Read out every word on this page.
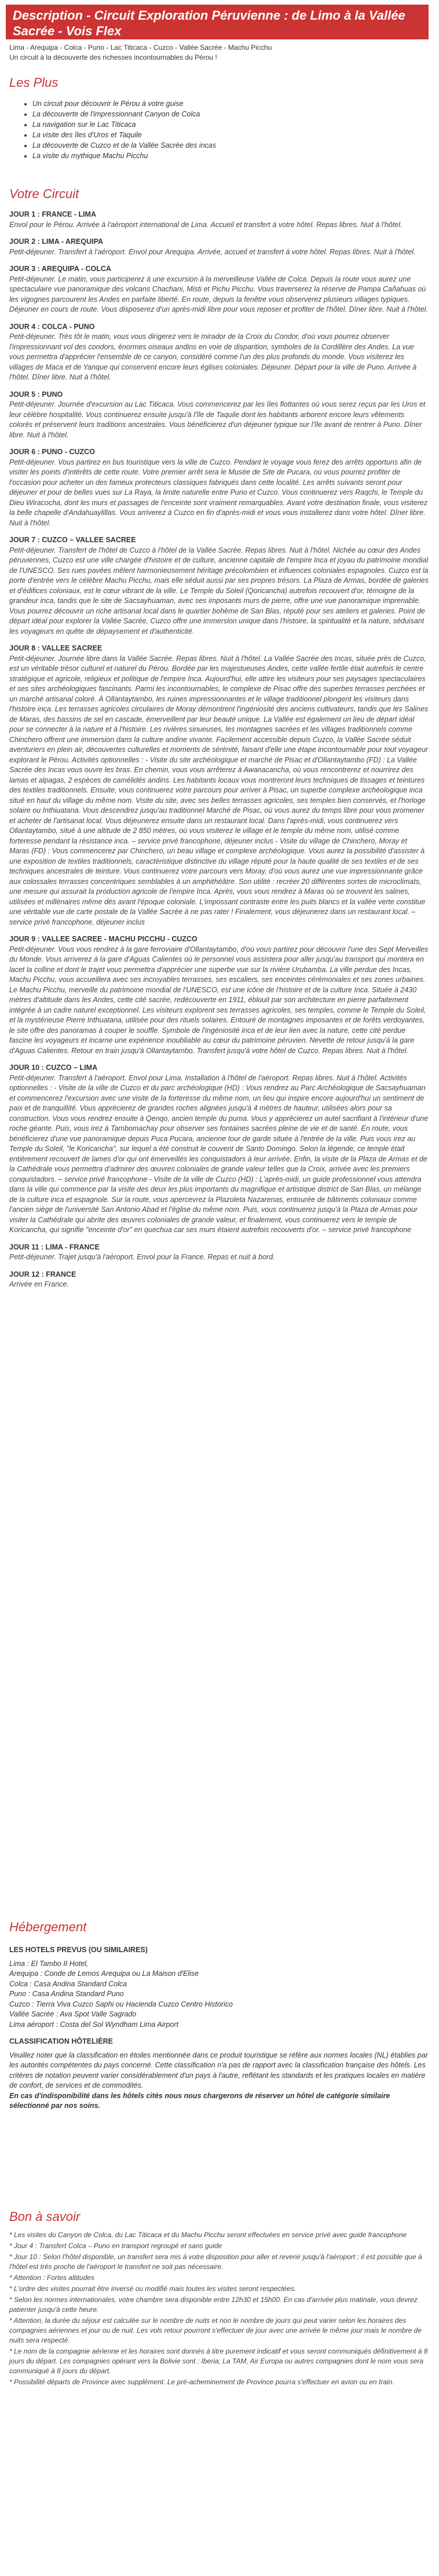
Description - Circuit Exploration Péruvienne : de Limo à la Vallée Sacrée - Vois Flex
Lima - Arequipa - Colca - Puno - Lac Titicaca - Cuzco - Vallée Sacrée - Machu Picchu
Un circuit à la découverte des richesses incontournables du Pérou !
Les Plus
• Un circuit pour découvrir le Pérou à votre guise
• La découverte de l'impressionnant Canyon de Colca
• La navigation sur le Lac Titicaca
• La visite des îles d'Uros et Taquile
• La découverte de Cuzco et de la Vallée Sacrée des incas
• La visite du mythique Machu Picchu
Votre Circuit
JOUR 1 : FRANCE - LIMA

Envol pour le Pérou. Arrivée à l'aéroport international de Lima. Accueil et transfert à votre hôtel. Repas libres. Nuit à l'hôtel.

JOUR 2 : LIMA - AREQUIPA

Petit-déjeuner. Transfert à l'aéroport. Envol pour Arequipa. Arrivée, accueil et transfert à votre hôtel. Repas libres. Nuit à l'hôtel.

JOUR 3 : AREQUIPA - COLCA

Petit-déjeuner. Le matin, vous participerez à une excursion à la merveilleuse Vallée de Colca. Depuis la route vous aurez une spectaculaire vue panoramique des volcans Chachani, Misti et Pichu Picchu. Vous traverserez la réserve de Pampa Cañahuas où les vigognes parcourent les Andes en parfaite liberté. En route, depuis la fenêtre vous observerez plusieurs villages typiques. Déjeuner en cours de route. Vous disposerez d'un après-midi libre pour vous reposer et profiter de l'hôtel. Dîner libre. Nuit à l'hôtel.

JOUR 4 : COLCA - PUNO

Petit-déjeuner. Très tôt le matin, vous vous dirigerez vers le mirador de la Croix du Condor, d'où vous pourrez observer l'impressionnant vol des condors, énormes oiseaux andins en voie de disparition, symboles de la Cordillère des Andes. La vue vous permettra d'apprécier l'ensemble de ce canyon, considéré comme l'un des plus profonds du monde. Vous visiterez les villages de Maca et de Yanque qui conservent encore leurs églises coloniales. Déjeuner. Départ pour la ville de Puno. Arrivée à l'hôtel. Dîner libre. Nuit à l'hôtel.

JOUR 5 : PUNO

Petit-déjeuner. Journée d'excursion au Lac Titicaca. Vous commencerez par les îles flottantes où vous serez reçus par les Uros et leur célèbre hospitalité. Vous continuerez ensuite jusqu'à l'île de Taquile dont les habitants arborent encore leurs vêtements colorés et préservent leurs traditions ancestrales. Vous bénéficierez d'un déjeuner typique sur l'île avant de rentrer à Puno. Dîner libre. Nuit à l'hôtel.

JOUR 6 : PUNO - CUZCO

Petit-déjeuner. Vous partirez en bus touristique vers la ville de Cuzco. Pendant le voyage vous ferez des arrêts opportuns afin de visiter les points d'intérêts de cette route. Votre premier arrêt sera le Musée de Site de Pucara, où vous pourrez profiter de l'occasion pour acheter un des fameux protecteurs classiques fabriqués dans cette localité. Les arrêts suivants seront pour déjeuner et pour de belles vues sur La Raya, la limite naturelle entre Puno et Cuzco. Vous continuerez vers Raqchi, le Temple du Dieu Wiracocha, dont les murs et passages de l'enceinte sont vraiment remarquables. Avant votre destination finale, vous visiterez la belle chapelle d'Andahuaylillas. Vous arriverez à Cuzco en fin d'après-midi et vous vous installerez dans votre hôtel. Dîner libre. Nuit à l'hôtel.

JOUR 7 : CUZCO – VALLEE SACREE

Petit-déjeuner. Transfert de l'hôtel de Cuzco à l'hôtel de la Vallée Sacrée. Repas libres. Nuit à l'hôtel. Nichée au cœur des Andes péruviennes, Cuzco est une ville chargée d'histoire et de culture, ancienne capitale de l'empire Inca et joyau du patrimoine mondial de l'UNESCO. Ses rues pavées mêlent harmonieusement héritage précolombien et influences coloniales espagnoles. Cuzco est la porte d'entrée vers le célèbre Machu Picchu, mais elle séduit aussi par ses propres trésors. La Plaza de Armas, bordée de galeries et d'édifices coloniaux, est le cœur vibrant de la ville. Le Temple du Soleil (Qoricancha) autrefois recouvert d'or, témoigne de la grandeur inca, tandis que le site de Sacsayhuaman, avec ses imposants murs de pierre, offre une vue panoramique imprenable. Vous pourrez découvrir un riche artisanat local dans le quartier bohème de San Blas, réputé pour ses ateliers et galeries. Point de départ idéal pour explorer la Vallée Sacrée, Cuzco offre une immersion unique dans l'histoire, la spiritualité et la nature, séduisant les voyageurs en quête de dépaysement et d'authenticité.

JOUR 8 : VALLEE SACREE

Petit-déjeuner. Journée libre dans la Vallée Sacrée. Repas libres. Nuit à l'hôtel. La Vallée Sacrée des Incas, située près de Cuzco, est un véritable trésor culturel et naturel du Pérou. Bordée par les majestueuses Andes, cette vallée fertile était autrefois le centre stratégique et agricole, religieux et politique de l'empire Inca. Aujourd'hui, elle attire les visiteurs pour ses paysages spectaculaires et ses sites archéologiques fascinants. Parmi les incontournables, le complexe de Pisac offre des superbes terrasses perchées et un marché artisanal coloré. À Ollantaytambo, les ruines impressionnantes et le village traditionnel plongent les visiteurs dans l'histoire inca. Les terrasses agricoles circulaires de Moray démontrent l'ingéniosité des anciens cultivateurs, tandis que les Salines de Maras, des bassins de sel en cascade, émerveillent par leur beauté unique. La Vallée est également un lieu de départ idéal pour se connecter à la nature et à l'histoire. Les rivières sinueuses, les montagnes sacrées et les villages traditionnels comme Chinchero offrent une immersion dans la culture andine vivante. Facilement accessible depuis Cuzco, la Vallée Sacrée séduit aventuriers en plein air, découvertes culturelles et moments de sérénité, faisant d'elle une étape incontournable pour tout voyageur explorant le Pérou. Activités optionnelles : - Visite du site archéologique et marché de Pisac et d'Ollantaytambo (FD) : La Vallée Sacrée des Incas vous ouvre les bras. En chemin, vous vous arrêterez à Awanacancha, où vous rencontrerez et nourrirez des lamas et alpagas, 2 espèces de camélidés andins. Les habitants locaux vous montreront leurs techniques de tissages et teintures des textiles traditionnels. Ensuite, vous continuerez votre parcours pour arriver à Pisac, un superbe complexe archéologique inca situé en haut du village du même nom. Visite du site, avec ses belles terrasses agricoles, ses temples bien conservés, et l'horloge solaire ou Inthiuatana. Vous descendrez jusqu'au traditionnel Marché de Pisac, où vous aurez du temps libre pour vous promener et acheter de l'artisanat local. Vous déjeunerez ensuite dans un restaurant local. Dans l'après-midi, vous continuerez vers Ollantaytambo, situé à une altitude de 2 850 mètres, où vous visiterez le village et le temple du même nom, utilisé comme forteresse pendant la résistance inca. – service privé francophone, déjeuner inclus - Visite du village de Chinchero, Moray et Maras (FD) : Vous commencerez par Chinchero, un beau village et complexe archéologique. Vous aurez la possibilité d'assister à une exposition de textiles traditionnels, caractéristique distinctive du village réputé pour la haute qualité de ses textiles et de ses techniques ancestrales de teinture. Vous continuerez votre parcours vers Moray, d'où vous aurez une vue impressionnante grâce aux colossales terrasses concentriques semblables à un amphithéâtre. Son utilité : recréer 20 différentes sortes de microclimats, une mesure qui assurait la production agricole de l'empire Inca. Après, vous vous rendrez à Maras où se trouvent les salines, utilisées et millénaires même dès avant l'époque coloniale. L'impossant contraste entre les puits blancs et la vallée verte constitue une véritable vue de carte postale de la Vallée Sacrée à ne pas rater ! Finalement, vous déjeunerez dans un restaurant local. – service privé francophone, déjeuner inclus

JOUR 9 : VALLEE SACREE - MACHU PICCHU - CUZCO

Petit-déjeuner. Vous vous rendrez à la gare ferroviaire d'Ollantaytambo, d'où vous partirez pour découvrir l'une des Sept Merveilles du Monde. Vous arriverez à la gare d'Aguas Calientes où le personnel vous assistera pour aller jusqu'au transport qui montera en lacet la colline et dont le trajet vous permettra d'apprécier une superbe vue sur la rivière Urubamba. La ville perdue des Incas, Machu Picchu, vous accueillera avec ses incroyables terrasses, ses escaliers, ses enceintes cérémoniales et ses zones urbaines. Le Machu Picchu, merveille du patrimoine mondial de l'UNESCO, est une icône de l'histoire et de la culture Inca. Située à 2430 mètres d'altitude dans les Andes, cette cité sacrée, redécouverte en 1911, éblouit par son architecture en pierre parfaitement intégrée à un cadre naturel exceptionnel. Les visiteurs explorent ses terrasses agricoles, ses temples, comme le Temple du Soleil, et la mystérieuse Pierre Inthuatana, utilisée pour des rituels solaires. Entouré de montagnes imposantes et de forêts verdoyantes, le site offre des panoramas à couper le souffle. Symbole de l'ingéniosité inca et de leur lien avec la nature, cette cité perdue fascine les voyageurs et incarne une expérience inoubliable au cœur du patrimoine péruvien. Nevette de retour jusqu'à la gare d'Aguas Calientes. Retour en train jusqu'à Ollantaytambo. Transfert jusqu'à votre hôtel de Cuzco. Repas libres. Nuit à l'hôtel.

JOUR 10 : CUZCO – LIMA

Petit-déjeuner. Transfert à l'aéroport. Envol pour Lima. Installation à l'hôtel de l'aéroport. Repas libres. Nuit à l'hôtel. Activités optionnelles : - Visite de la ville de Cuzco et du parc archéologique (HD) : Vous rendrez au Parc Archéologique de Sacsayhuaman et commencerez l'excursion avec une visite de la forteresse du même nom, un lieu qui inspire encore aujourd'hui un sentiment de paix et de tranquillité. Vous apprécierez de grandes roches alignées jusqu'à 4 mètres de hauteur, utilisées alors pour sa construction. Vous vous rendrez ensuite à Qenqo, ancien temple du puma. Vous y apprécierez un autel sacrifiant à l'intérieur d'une roche géante. Puis, vous irez à Tambomachay pour observer ses fontaines sacrées pleine de vie et de santé. En route, vous bénéficierez d'une vue panoramique depuis Puca Pucara, ancienne tour de garde située à l'entrée de la ville. Puis vous irez au Temple du Soleil, "le Koricancha", sur lequel a été construit le couvent de Santo Domingo. Selon la légende, ce temple était entièrement recouvert de lames d'or qui ont émerveillés les conquistadors à leur arrivée. Enfin, la visite de la Plaza de Armas et de la Cathédrale vous permettra d'admirer des œuvres coloniales de grande valeur telles que la Croix, arrivée avec les premiers conquistadors. – service privé francophone - Visite de la ville de Cuzco (HD) : L'après-midi, un guide professionnel vous attendra dans la ville qui commence par la visite des deux les plus importants du magnifique et artistique district de San Blas, un mélange de la culture inca et espagnole. Sur la route, vous apercevrez la Plazoleta Nazarenas, entourée de bâtiments coloniaux comme l'ancien siège de l'université San Antonio Abad et l'église du même nom. Puis, vous continuerez jusqu'à la Plaza de Armas pour visiter la Cathédrale qui abrite des œuvres coloniales de grande valeur, et finalement, vous continuerez vers le temple de Koricancha, qui signifie "enceinte d'or" en quechua car ses murs étaient autrefois recouverts d'or. – service privé francophone

JOUR 11 : LIMA - FRANCE

Petit-déjeuner. Trajet jusqu'à l'aéroport. Envol pour la France. Repas et nuit à bord.

JOUR 12 : FRANCE

Arrivée en France.

Hébergement
LES HOTELS PREVUS (OU SIMILAIRES)
Lima : El Tambo II Hotel,
Arequipa : Conde de Lemos Arequipa ou La Maison d'Elise
Colca : Casa Andina Standard Colca
Puno : Casa Andina Standard Puno
Cuzco : Tierra Viva Cuzco Saphi ou Hacienda Cuzco Centro Historico
Vallée Sacrée : Ava Spot Valle Sagrado
Lima aéroport : Costa del Sol Wyndham Lima Airport
CLASSIFICATION HÔTELIÈRE

Veuillez noter que la classification en étoiles mentionnée dans ce produit touristique se réfère aux normes locales (NL) établies par les autorités compétentes du pays concerné. Cette classification n'a pas de rapport avec la classification française des hôtels. Les critères de notation peuvent varier considérablement d'un pays à l'autre, reflétant les standards et les pratiques locales en matière de confort, de services et de commodités.

En cas d'indisponibilité dans les hôtels cités nous nous chargerons de réserver un hôtel de catégorie similaire sélectionné par nos soins.

Bon à savoir

* Les visites du Canyon de Colca, du Lac Titicaca et du Machu Picchu seront effectuées en service privé avec guide francophone

* Jour 4 : Transfert Colca – Puno en transport regroupé et sans guide

* Jour 10 : Selon l'hôtel disponible, un transfert sera mis à votre disposition pour aller et revenir jusqu'à l'aéroport ; il est possible que à l'hôtel est très proche de l'aéroport le transfert ne soit pas nécessaire.

* Attention : Fortes altitudes

* L'ordre des visites pourrait être inversé ou modifié mais toutes les visites seront respectées.

* Selon les normes internationales, votre chambre sera disponible entre 12h30 et 15h00. En cas d'arrivée plus matinale, vous devrez patienter jusqu'à cette heure.

* Attention, la durée du séjour est calculée sur le nombre de nuits et non le nombre de jours qui peut varier selon les horaires des compagnies aériennes et jour ou de nuit. Les vols retour pourront s'effectuer de jour avec une arrivée le même jour mais le nombre de nuits sera respecté.

* Le nom de la compagnie aérienne et les horaires sont donnés à titre purement indicatif et vous seront communiqués définitivement à 8 jours du départ. Les compagnies opérant vers la Bolivie sont : Iberia, La TAM, Air Europa ou autres compagnies dont le nom vous sera communiqué à 8 jours du départ.

* Possibilité départs de Province avec supplément. Le pré-acheminement de Province pourra s'effectuer en avion ou en train.
